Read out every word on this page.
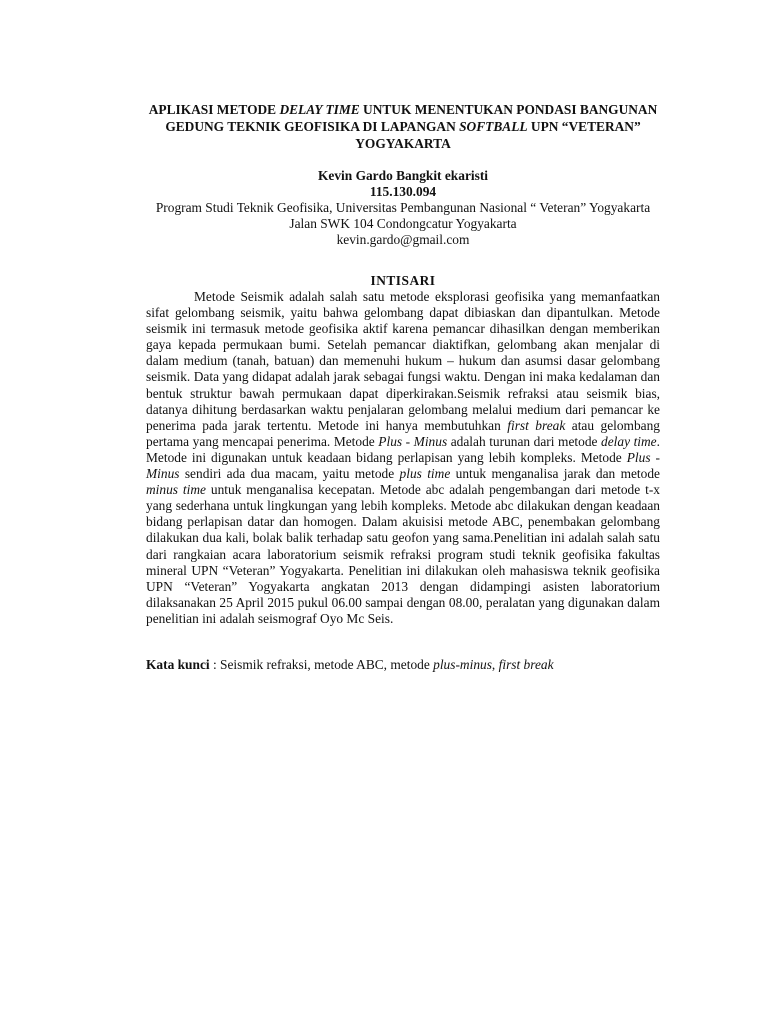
APLIKASI METODE DELAY TIME UNTUK MENENTUKAN PONDASI BANGUNAN GEDUNG TEKNIK GEOFISIKA DI LAPANGAN SOFTBALL UPN “VETERAN” YOGYAKARTA

Kevin Gardo Bangkit ekaristi
115.130.094
Program Studi Teknik Geofisika, Universitas Pembangunan Nasional “ Veteran” Yogyakarta
Jalan SWK 104 Condongcatur Yogyakarta
kevin.gardo@gmail.com
INTISARI

Metode Seismik adalah salah satu metode eksplorasi geofisika yang memanfaatkan sifat gelombang seismik, yaitu bahwa gelombang dapat dibiaskan dan dipantulkan. Metode seismik ini termasuk metode geofisika aktif karena pemancar dihasilkan dengan memberikan gaya kepada permukaan bumi. Setelah pemancar diaktifkan, gelombang akan menjalar di dalam medium (tanah, batuan) dan memenuhi hukum – hukum dan asumsi dasar gelombang seismik. Data yang didapat adalah jarak sebagai fungsi waktu. Dengan ini maka kedalaman dan bentuk struktur bawah permukaan dapat diperkirakan.Seismik refraksi atau seismik bias, datanya dihitung berdasarkan waktu penjalaran gelombang melalui medium dari pemancar ke penerima pada jarak tertentu. Metode ini hanya membutuhkan first break atau gelombang pertama yang mencapai penerima. Metode Plus - Minus adalah turunan dari metode delay time. Metode ini digunakan untuk keadaan bidang perlapisan yang lebih kompleks. Metode Plus - Minus sendiri ada dua macam, yaitu metode plus time untuk menganalisa jarak dan metode minus time untuk menganalisa kecepatan. Metode abc adalah pengembangan dari metode t-x yang sederhana untuk lingkungan yang lebih kompleks. Metode abc dilakukan dengan keadaan bidang perlapisan datar dan homogen. Dalam akuisisi metode ABC, penembakan gelombang dilakukan dua kali, bolak balik terhadap satu geofon yang sama.Penelitian ini adalah salah satu dari rangkaian acara laboratorium seismik refraksi program studi teknik geofisika fakultas mineral UPN “Veteran” Yogyakarta. Penelitian ini dilakukan oleh mahasiswa teknik geofisika UPN “Veteran” Yogyakarta angkatan 2013 dengan didampingi asisten laboratorium dilaksanakan 25 April 2015 pukul 06.00 sampai dengan 08.00, peralatan yang digunakan dalam penelitian ini adalah seismograf Oyo Mc Seis.

Kata kunci : Seismik refraksi, metode ABC, metode plus-minus, first break
